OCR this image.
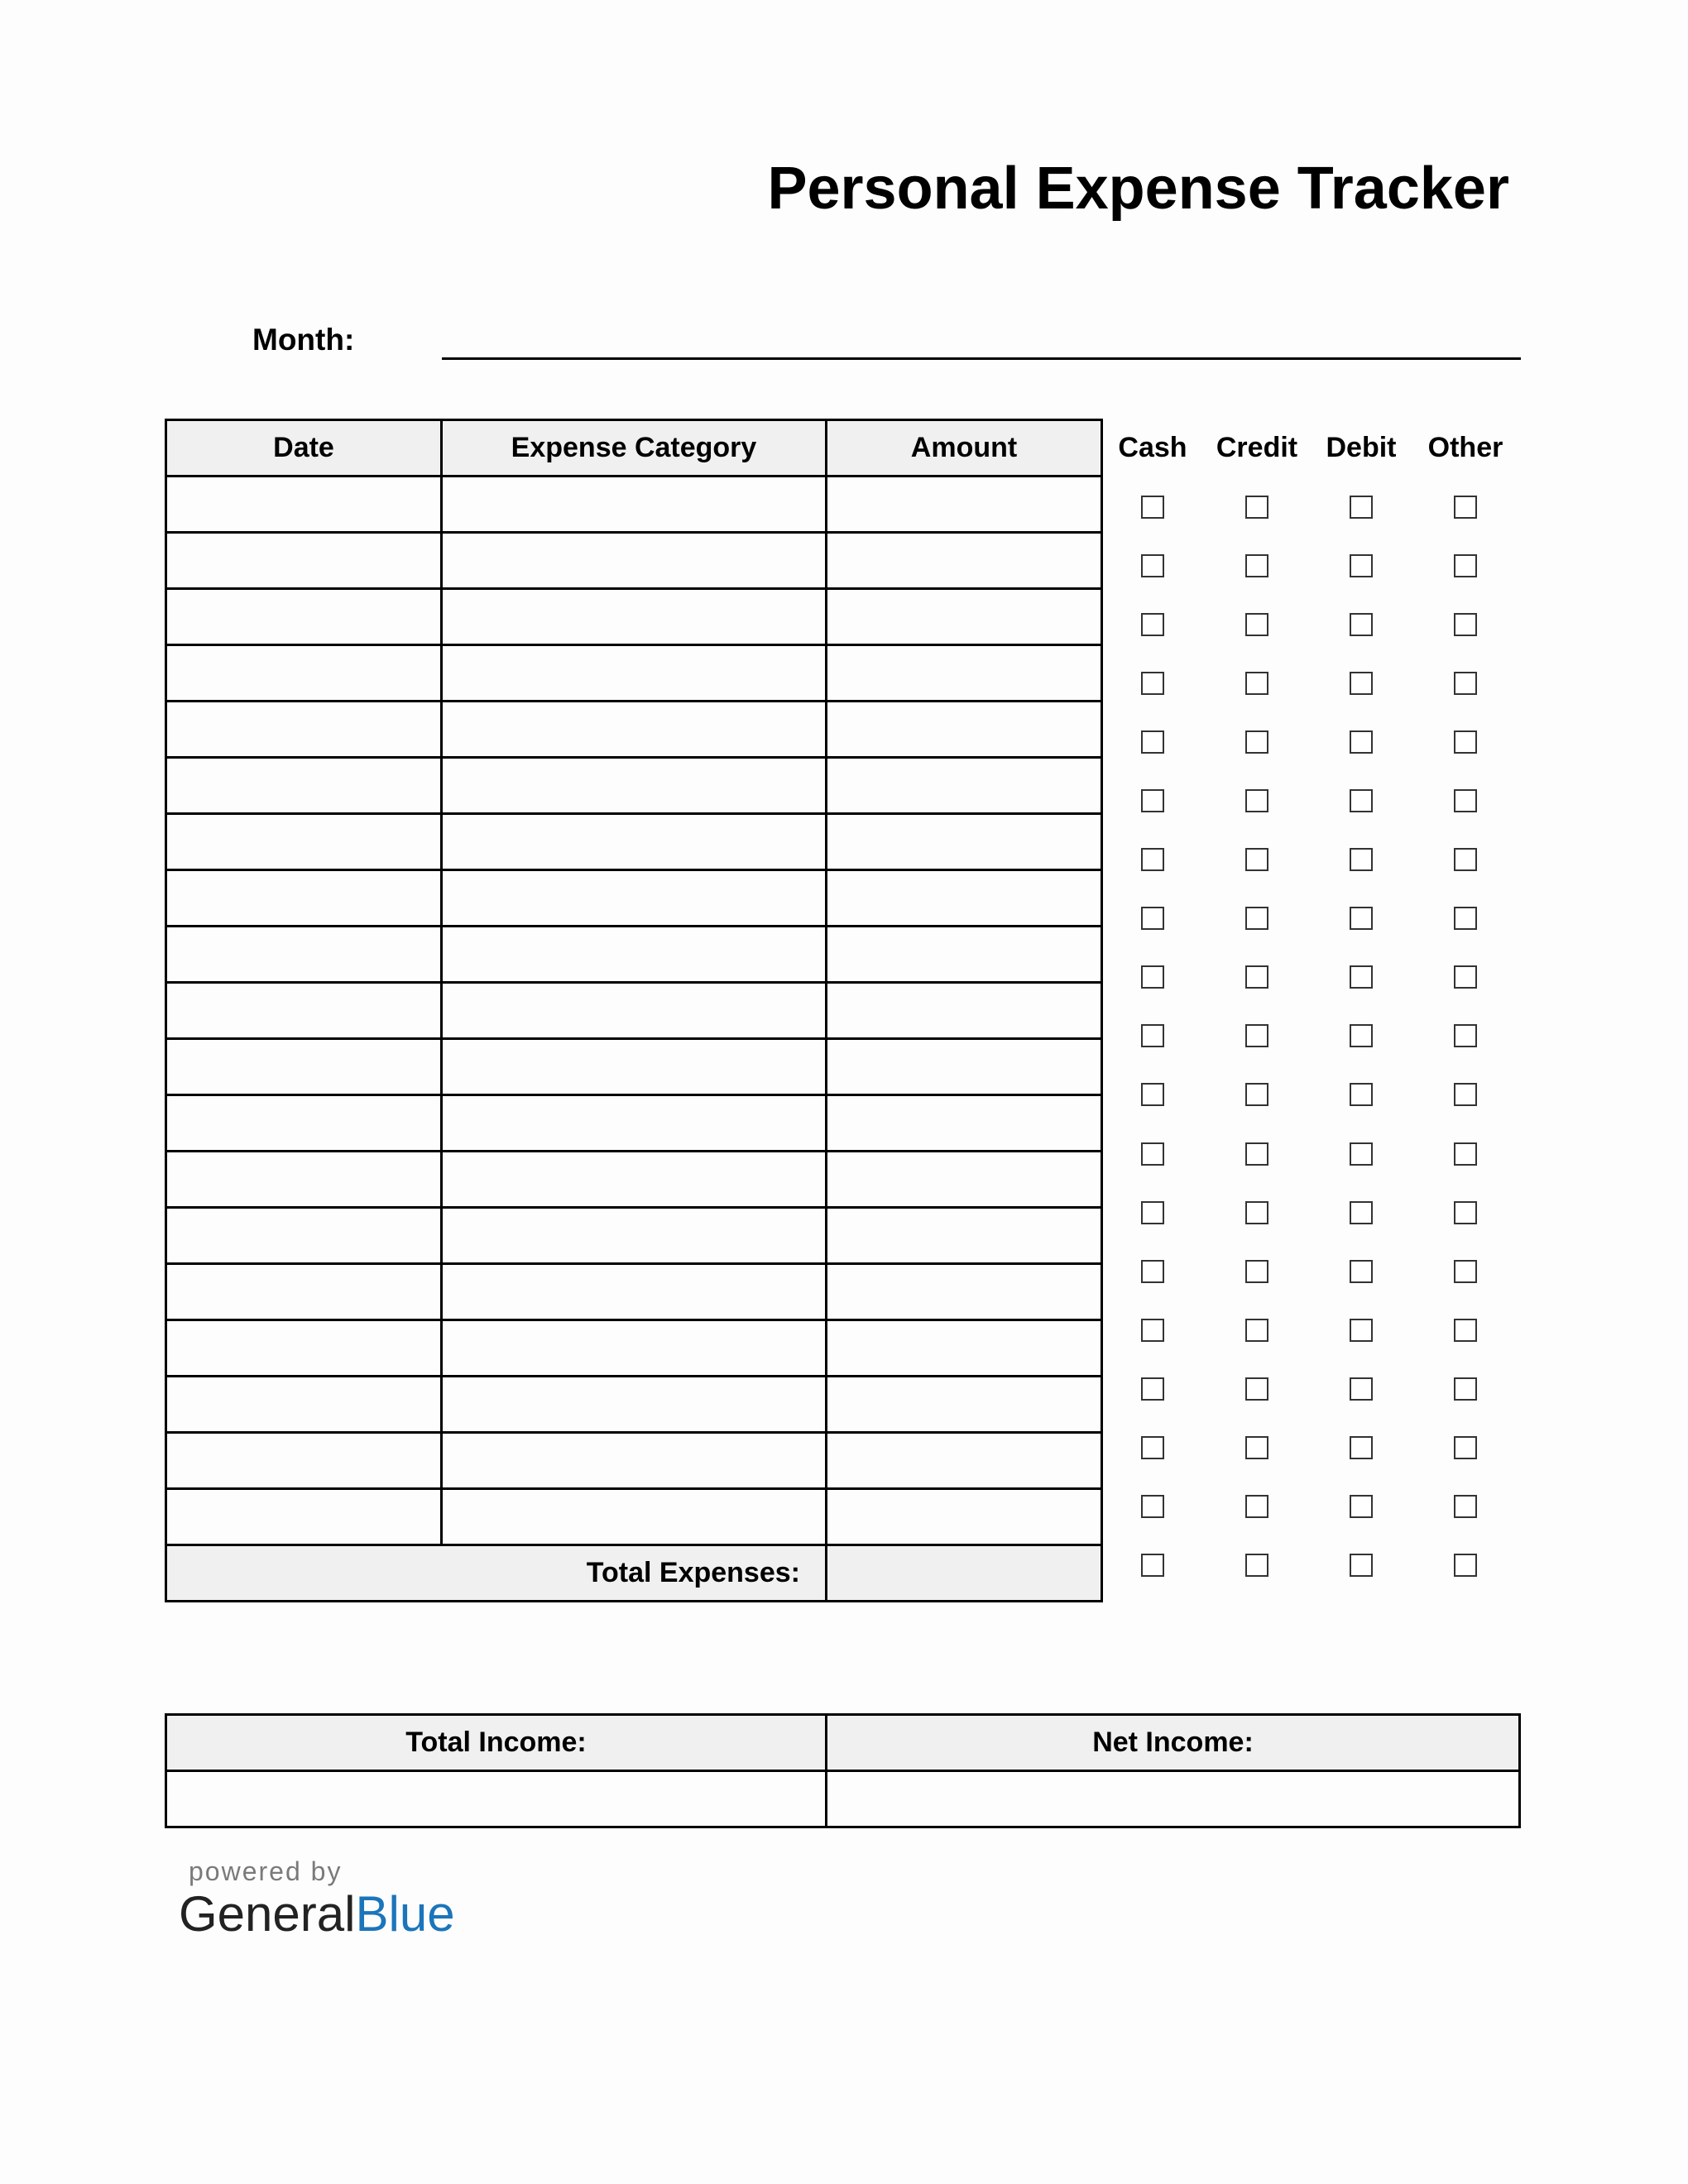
Personal Expense Tracker
Month:
Date	Expense Category	Amount

Total Expenses:		
Cash	Credit	Debit	Other
Total Income:	Net Income:

powered by
GeneralBlue
